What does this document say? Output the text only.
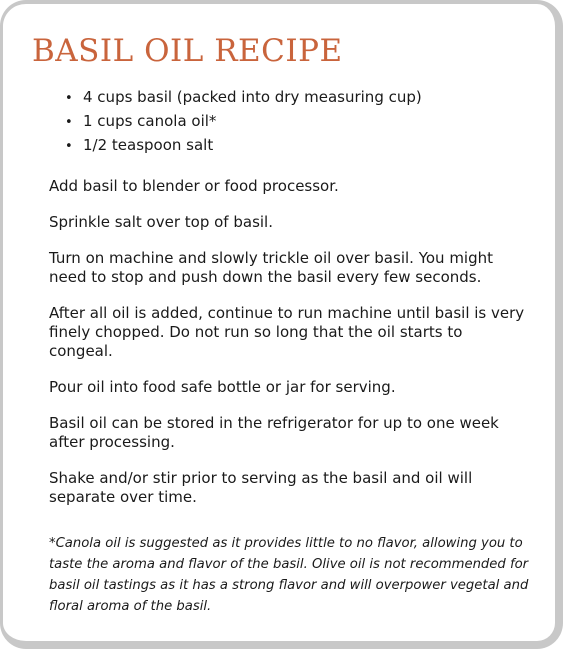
BASIL OIL RECIPE
• 4 cups basil (packed into dry measuring cup)
• 1 cups canola oil*
• 1/2 teaspoon salt

Add basil to blender or food processor.

Sprinkle salt over top of basil.

Turn on machine and slowly trickle oil over basil. You might need to stop and push down the basil every few seconds.

After all oil is added, continue to run machine until basil is very finely chopped. Do not run so long that the oil starts to congeal.

Pour oil into food safe bottle or jar for serving.

Basil oil can be stored in the refrigerator for up to one week after processing.

Shake and/or stir prior to serving as the basil and oil will separate over time.

*Canola oil is suggested as it provides little to no flavor, allowing you to taste the aroma and flavor of the basil. Olive oil is not recommended for basil oil tastings as it has a strong flavor and will overpower vegetal and floral aroma of the basil.
